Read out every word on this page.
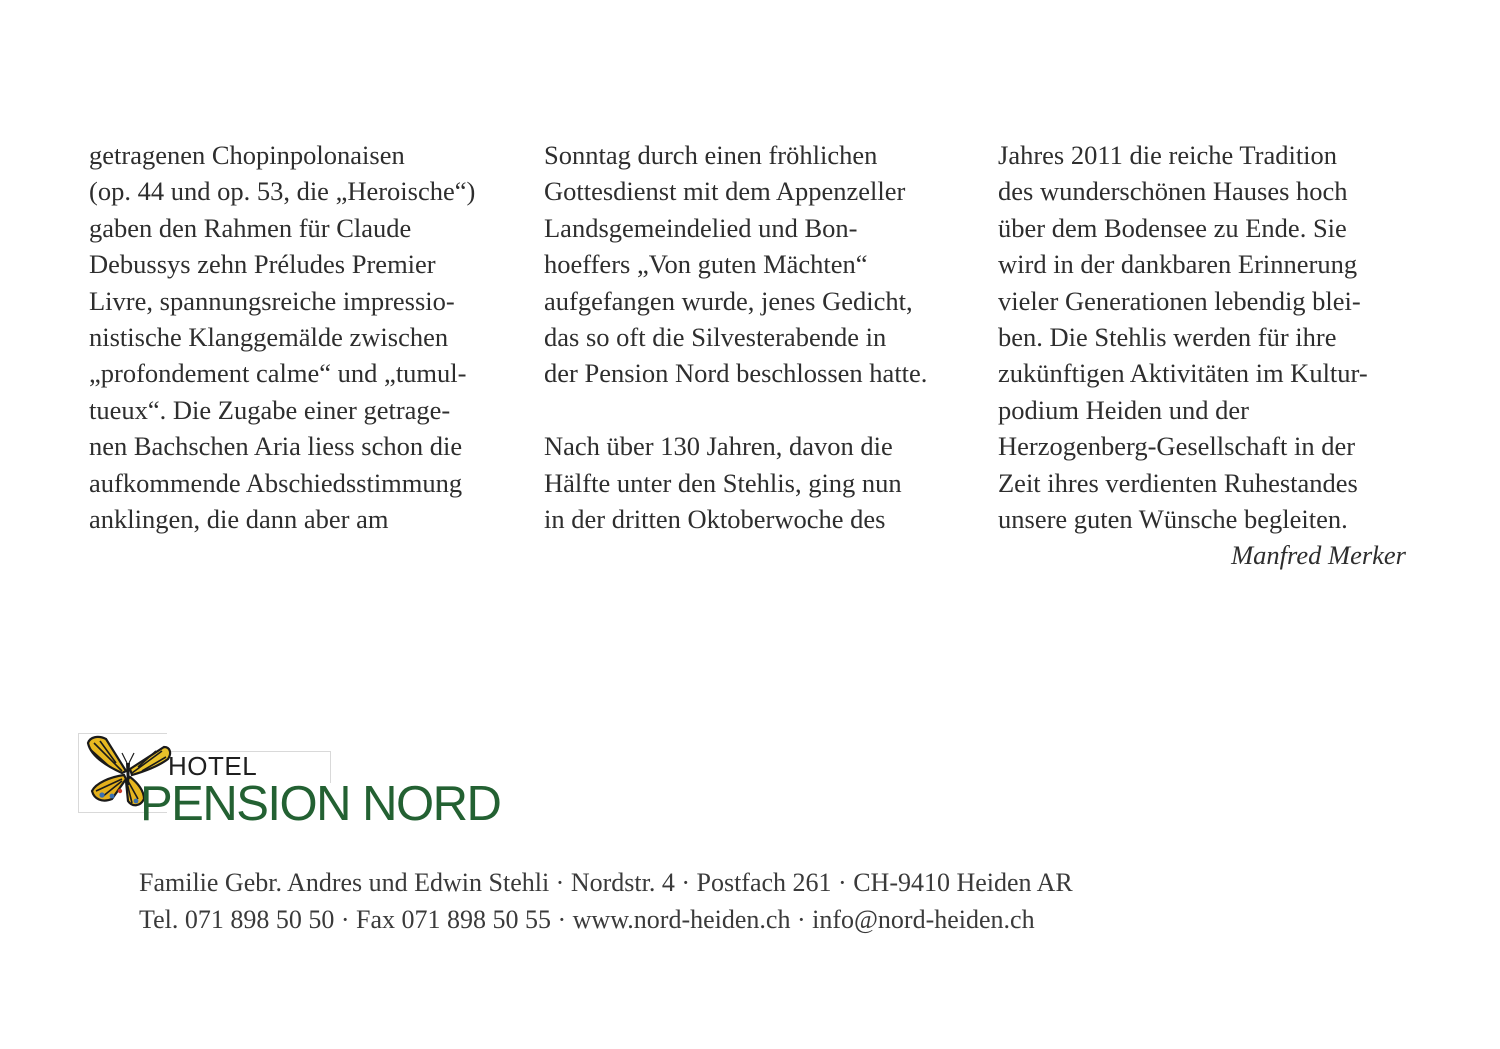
getragenen Chopinpolonaisen
(op. 44 und op. 53, die „Heroische“)
gaben den Rahmen für Claude
Debussys zehn Préludes Premier
Livre, spannungsreiche impressio-
nistische Klanggemälde zwischen
„profondement calme“ und „tumul-
tueux“. Die Zugabe einer getrage-
nen Bachschen Aria liess schon die
aufkommende Abschiedsstimmung
anklingen, die dann aber am
Sonntag durch einen fröhlichen
Gottesdienst mit dem Appenzeller
Landsgemeindelied und Bon-
hoeffers „Von guten Mächten“
aufgefangen wurde, jenes Gedicht,
das so oft die Silvesterabende in
der Pension Nord beschlossen hatte.
Nach über 130 Jahren, davon die
Hälfte unter den Stehlis, ging nun
in der dritten Oktoberwoche des
Jahres 2011 die reiche Tradition
des wunderschönen Hauses hoch
über dem Bodensee zu Ende. Sie
wird in der dankbaren Erinnerung
vieler Generationen lebendig blei-
ben. Die Stehlis werden für ihre
zukünftigen Aktivitäten im Kultur-
podium Heiden und der
Herzogenberg-Gesellschaft in der
Zeit ihres verdienten Ruhestandes
unsere guten Wünsche begleiten.
Manfred Merker
HOTEL
PENSION NORD
Familie Gebr. Andres und Edwin Stehli · Nordstr. 4 · Postfach 261 · CH-9410 Heiden AR
Tel. 071 898 50 50 · Fax 071 898 50 55 · www.nord-heiden.ch · info@nord-heiden.ch
